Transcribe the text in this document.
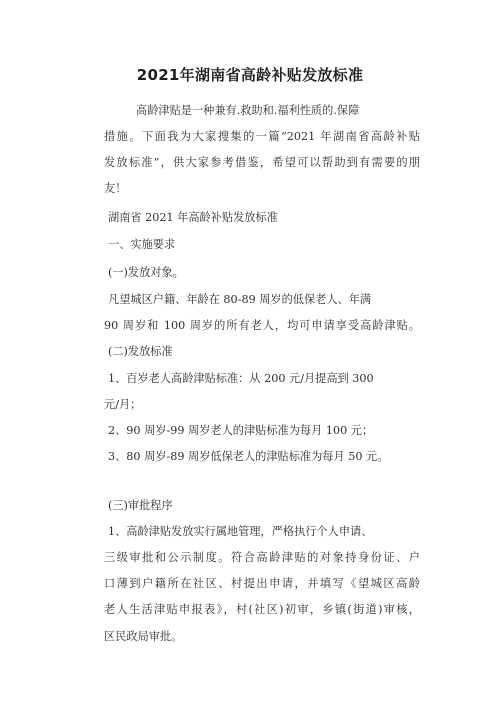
2021年湖南省高龄补贴发放标准
高龄津贴是一种兼有.救助和.福利性质的.保障
措施。下面我为大家搜集的一篇“2021 年湖南省高龄补贴
发放标准”，供大家参考借鉴，希望可以帮助到有需要的朋
友！
湖南省 2021 年高龄补贴发放标准
一、实施要求
(一)发放对象。
凡望城区户籍、年龄在 80-89 周岁的低保老人、年满
90 周岁和 100 周岁的所有老人，均可申请享受高龄津贴。
(二)发放标准
1、百岁老人高龄津贴标准：从 200 元/月提高到 300
元/月；
2、90 周岁-99 周岁老人的津贴标准为每月 100 元；
3、80 周岁-89 周岁低保老人的津贴标准为每月 50 元。
(三)审批程序
1、高龄津贴发放实行属地管理，严格执行个人申请、
三级审批和公示制度。符合高龄津贴的对象持身份证、户
口薄到户籍所在社区、村提出申请，并填写《望城区高龄
老人生活津贴申报表》，村(社区)初审，乡镇(街道)审核，
区民政局审批。
